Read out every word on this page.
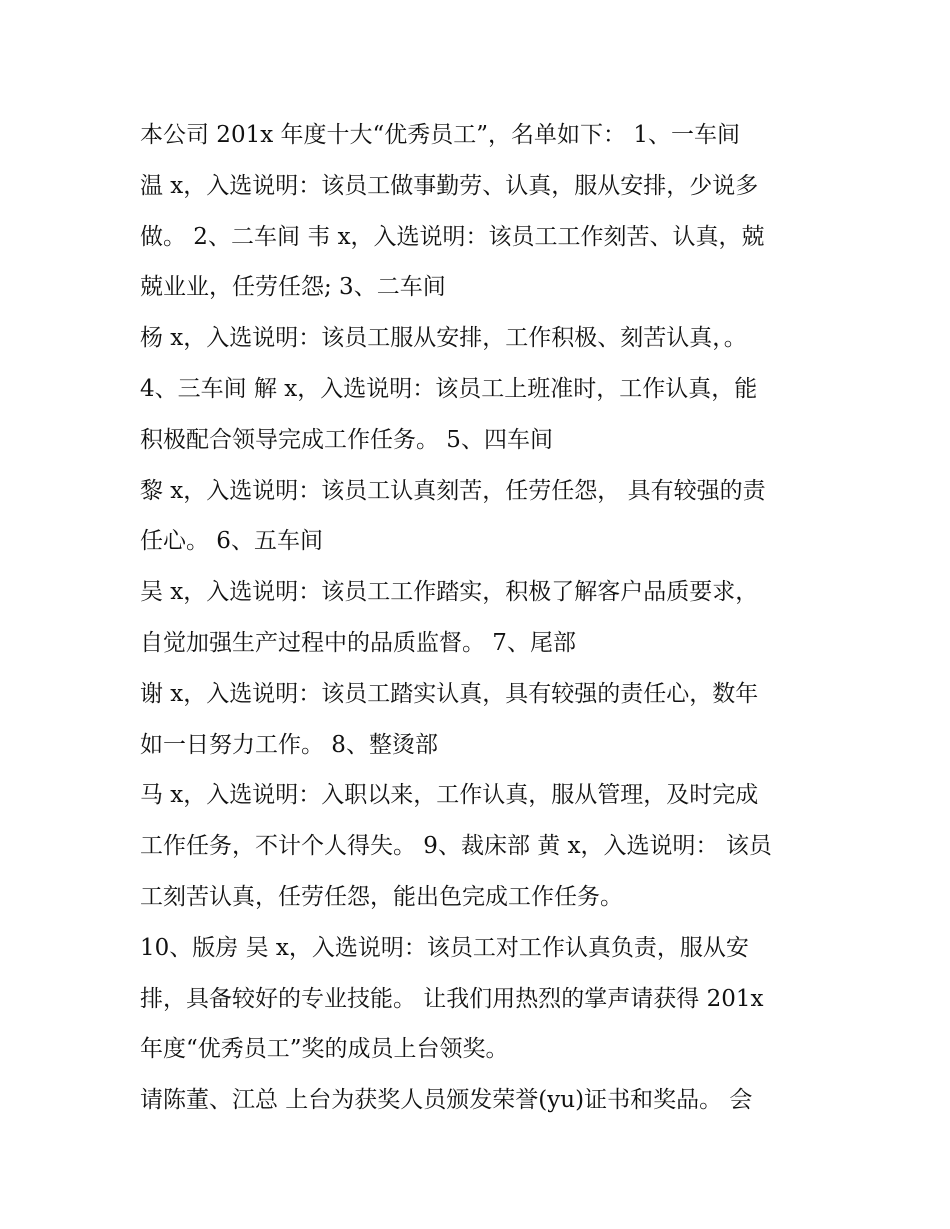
本公司 201x 年度十大“优秀员工”，名单如下： 1、一车间
温 x，入选说明：该员工做事勤劳、认真，服从安排，少说多
做。 2、二车间 韦 x，入选说明：该员工工作刻苦、认真，兢
兢业业，任劳任怨; 3、二车间
杨 x，入选说明：该员工服从安排，工作积极、刻苦认真，。
4、三车间 解 x，入选说明：该员工上班准时，工作认真，能
积极配合领导完成工作任务。 5、四车间
黎 x，入选说明：该员工认真刻苦，任劳任怨， 具有较强的责
任心。 6、五车间
吴 x，入选说明：该员工工作踏实，积极了解客户品质要求，
自觉加强生产过程中的品质监督。 7、尾部
谢 x，入选说明：该员工踏实认真，具有较强的责任心，数年
如一日努力工作。 8、整烫部
马 x，入选说明：入职以来，工作认真，服从管理，及时完成
工作任务，不计个人得失。 9、裁床部 黄 x，入选说明： 该员
工刻苦认真，任劳任怨，能出色完成工作任务。
10、版房 吴 x，入选说明：该员工对工作认真负责，服从安
排，具备较好的专业技能。 让我们用热烈的掌声请获得 201x
年度“优秀员工”奖的成员上台领奖。
请陈董、江总 上台为获奖人员颁发荣誉(yu)证书和奖品。 会
